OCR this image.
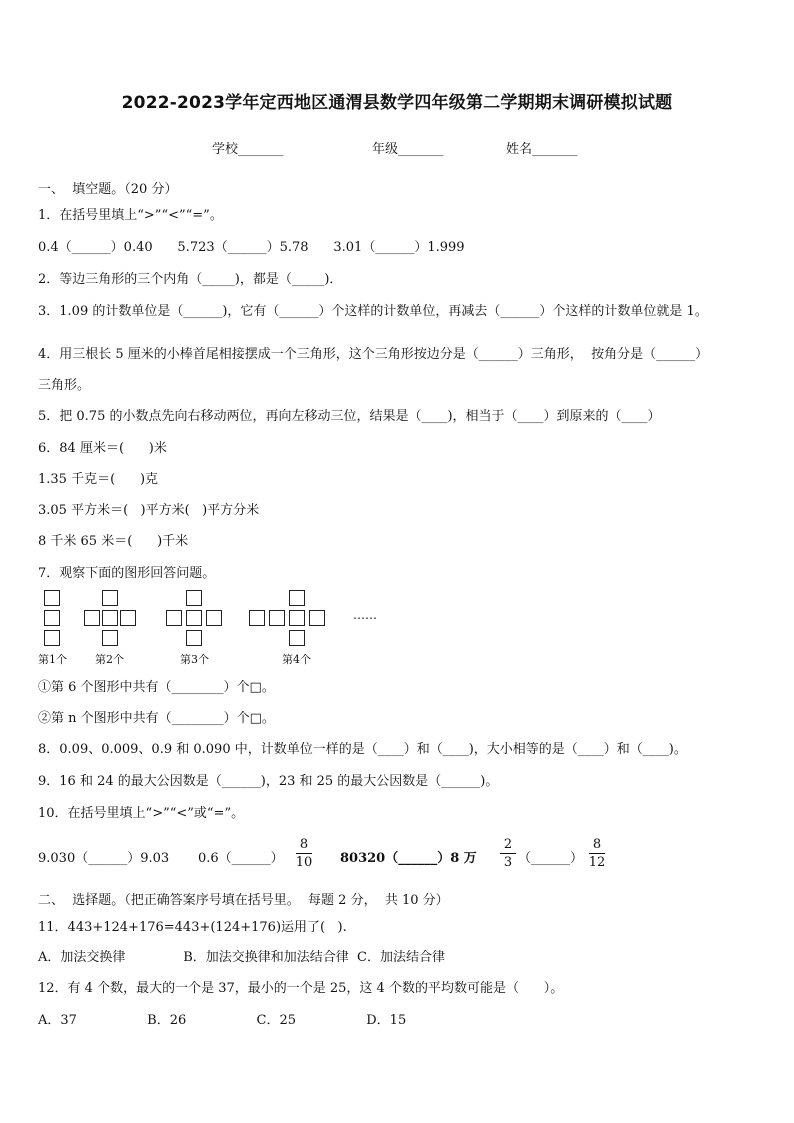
2022-2023学年定西地区通渭县数学四年级第二学期期末调研模拟试题
学校_______	年级_______	姓名_______
一、  填空题。（20 分）
1．在括号里填上“>”“<”“=”。
0.4（______）0.40      5.723（______）5.78      3.01（______）1.999
2．等边三角形的三个内角（_____)，都是（_____)．
3．1.09 的计数单位是（______)，它有（______）个这样的计数单位，再减去（______）个这样的计数单位就是 1。
4．用三根长 5 厘米的小棒首尾相接摆成一个三角形，这个三角形按边分是（______）三角形，  按角分是（______）
三角形。
5．把 0.75 的小数点先向右移动两位，再向左移动三位，结果是（____)，相当于（____）到原来的（____）
6．84 厘米＝(      )米
1.35 千克＝(      )克
3.05 平方米＝(   )平方米(   )平方分米
8 千米 65 米＝(      )千米
7．观察下面的图形回答问题。
……
第1个	第2个	第3个	第4个
①第 6 个图形中共有（________）个□。
②第 n 个图形中共有（________）个□。
8．0.09、0.009、0.9 和 0.090 中，计数单位一样的是（____）和（____)，大小相等的是（____）和（____)。
9．16 和 24 的最大公因数是（______)，23 和 25 的最大公因数是（______)。
10．在括号里填上“>”“<”或“=”。
9.030（______）9.03 0.6（______）
8
10 80320（______）8 万
2
3 （______）
8
12
二、  选择题。（把正确答案序号填在括号里。  每题 2 分，  共 10 分）
11．443+124+176=443+(124+176)运用了(   ).
A．加法交换律              B．加法交换律和加法结合律  C．加法结合律
12．有 4 个数，最大的一个是 37，最小的一个是 25，这 4 个数的平均数可能是（      ）。
A．37                 B．26                 C．25                 D．15
